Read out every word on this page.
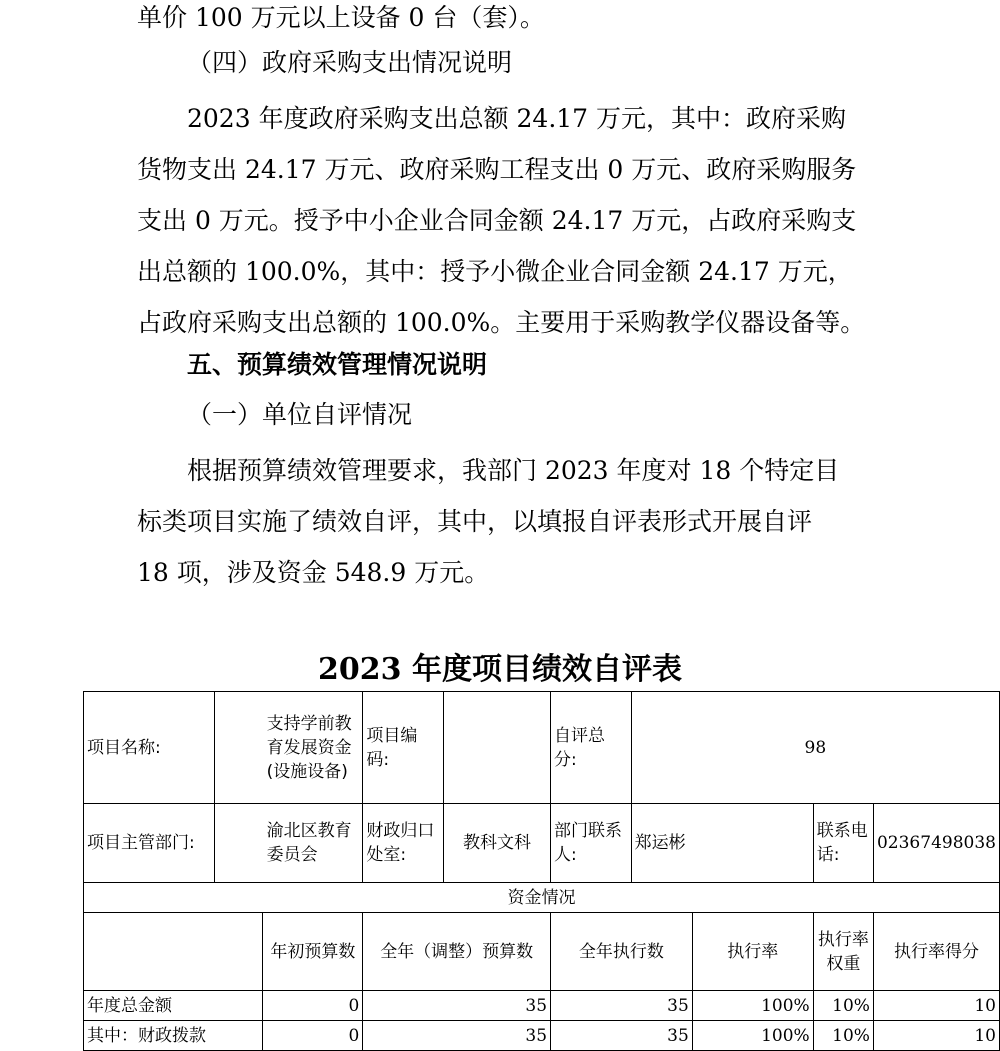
单价 100 万元以上设备 0 台（套）。

（四）政府采购支出情况说明

2023 年度政府采购支出总额 24.17 万元，其中：政府采购
货物支出 24.17 万元、政府采购工程支出 0 万元、政府采购服务
支出 0 万元。授予中小企业合同金额 24.17 万元，占政府采购支
出总额的 100.0%，其中：授予小微企业合同金额 24.17 万元，
占政府采购支出总额的 100.0%。主要用于采购教学仪器设备等。

五、预算绩效管理情况说明

（一）单位自评情况

根据预算绩效管理要求，我部门 2023 年度对 18 个特定目
标类项目实施了绩效自评，其中，以填报自评表形式开展自评
18 项，涉及资金 548.9 万元。

2023 年度项目绩效自评表

项目名称:	支持学前教育发展资金(设施设备)		项目编码:		自评总分:	98			
项目主管部门:	渝北区教育委员会		财政归口处室:	教科文科	部门联系人:	郑运彬		联系电话:	02367498038
资金情况									
		年初预算数	全年（调整）预算数		全年执行数		执行率	执行率权重	执行率得分
年度总金额		0	35		35		100%	10%	10
其中：财政拨款		0	35		35		100%	10%	10
